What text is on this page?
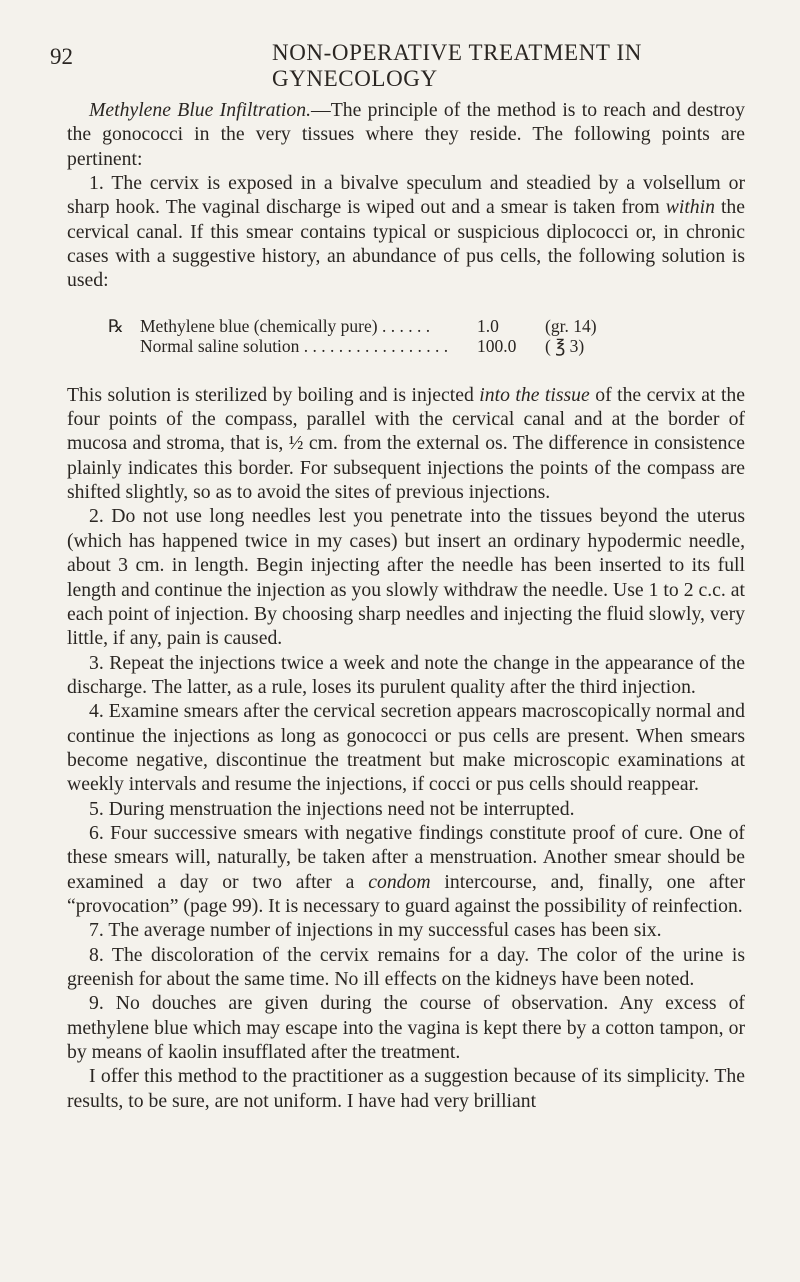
92	NON-OPERATIVE TREATMENT IN GYNECOLOGY

Methylene Blue Infiltration.—The principle of the method is to reach and destroy the gonococci in the very tissues where they reside. The following points are pertinent:

1. The cervix is exposed in a bivalve speculum and steadied by a volsellum or sharp hook. The vaginal discharge is wiped out and a smear is taken from within the cervical canal. If this smear contains typical or suspicious diplococci or, in chronic cases with a suggestive history, an abundance of pus cells, the following solution is used:

℞ Methylene blue (chemically pure) . . . . . .	1.0	(gr. 14)
Normal saline solution . . . . . . . . . . . . . . . . . 100.0 ( ℥ 3)

This solution is sterilized by boiling and is injected into the tissue of the cervix at the four points of the compass, parallel with the cervical canal and at the border of mucosa and stroma, that is, ½ cm. from the external os. The difference in consistence plainly indicates this border. For subsequent injections the points of the compass are shifted slightly, so as to avoid the sites of previous injections.

2. Do not use long needles lest you penetrate into the tissues beyond the uterus (which has happened twice in my cases) but insert an ordinary hypodermic needle, about 3 cm. in length. Begin injecting after the needle has been inserted to its full length and continue the injection as you slowly withdraw the needle. Use 1 to 2 c.c. at each point of injection. By choosing sharp needles and injecting the fluid slowly, very little, if any, pain is caused.

3. Repeat the injections twice a week and note the change in the appearance of the discharge. The latter, as a rule, loses its purulent quality after the third injection.

4. Examine smears after the cervical secretion appears macroscopically normal and continue the injections as long as gonococci or pus cells are present. When smears become negative, discontinue the treatment but make microscopic examinations at weekly intervals and resume the injections, if cocci or pus cells should reappear.

5. During menstruation the injections need not be interrupted.

6. Four successive smears with negative findings constitute proof of cure. One of these smears will, naturally, be taken after a menstruation. Another smear should be examined a day or two after a condom intercourse, and, finally, one after “provocation” (page 99). It is necessary to guard against the possibility of reinfection.

7. The average number of injections in my successful cases has been six.

8. The discoloration of the cervix remains for a day. The color of the urine is greenish for about the same time. No ill effects on the kidneys have been noted.

9. No douches are given during the course of observation. Any excess of methylene blue which may escape into the vagina is kept there by a cotton tampon, or by means of kaolin insufflated after the treatment.

I offer this method to the practitioner as a suggestion because of its simplicity. The results, to be sure, are not uniform. I have had very brilliant
